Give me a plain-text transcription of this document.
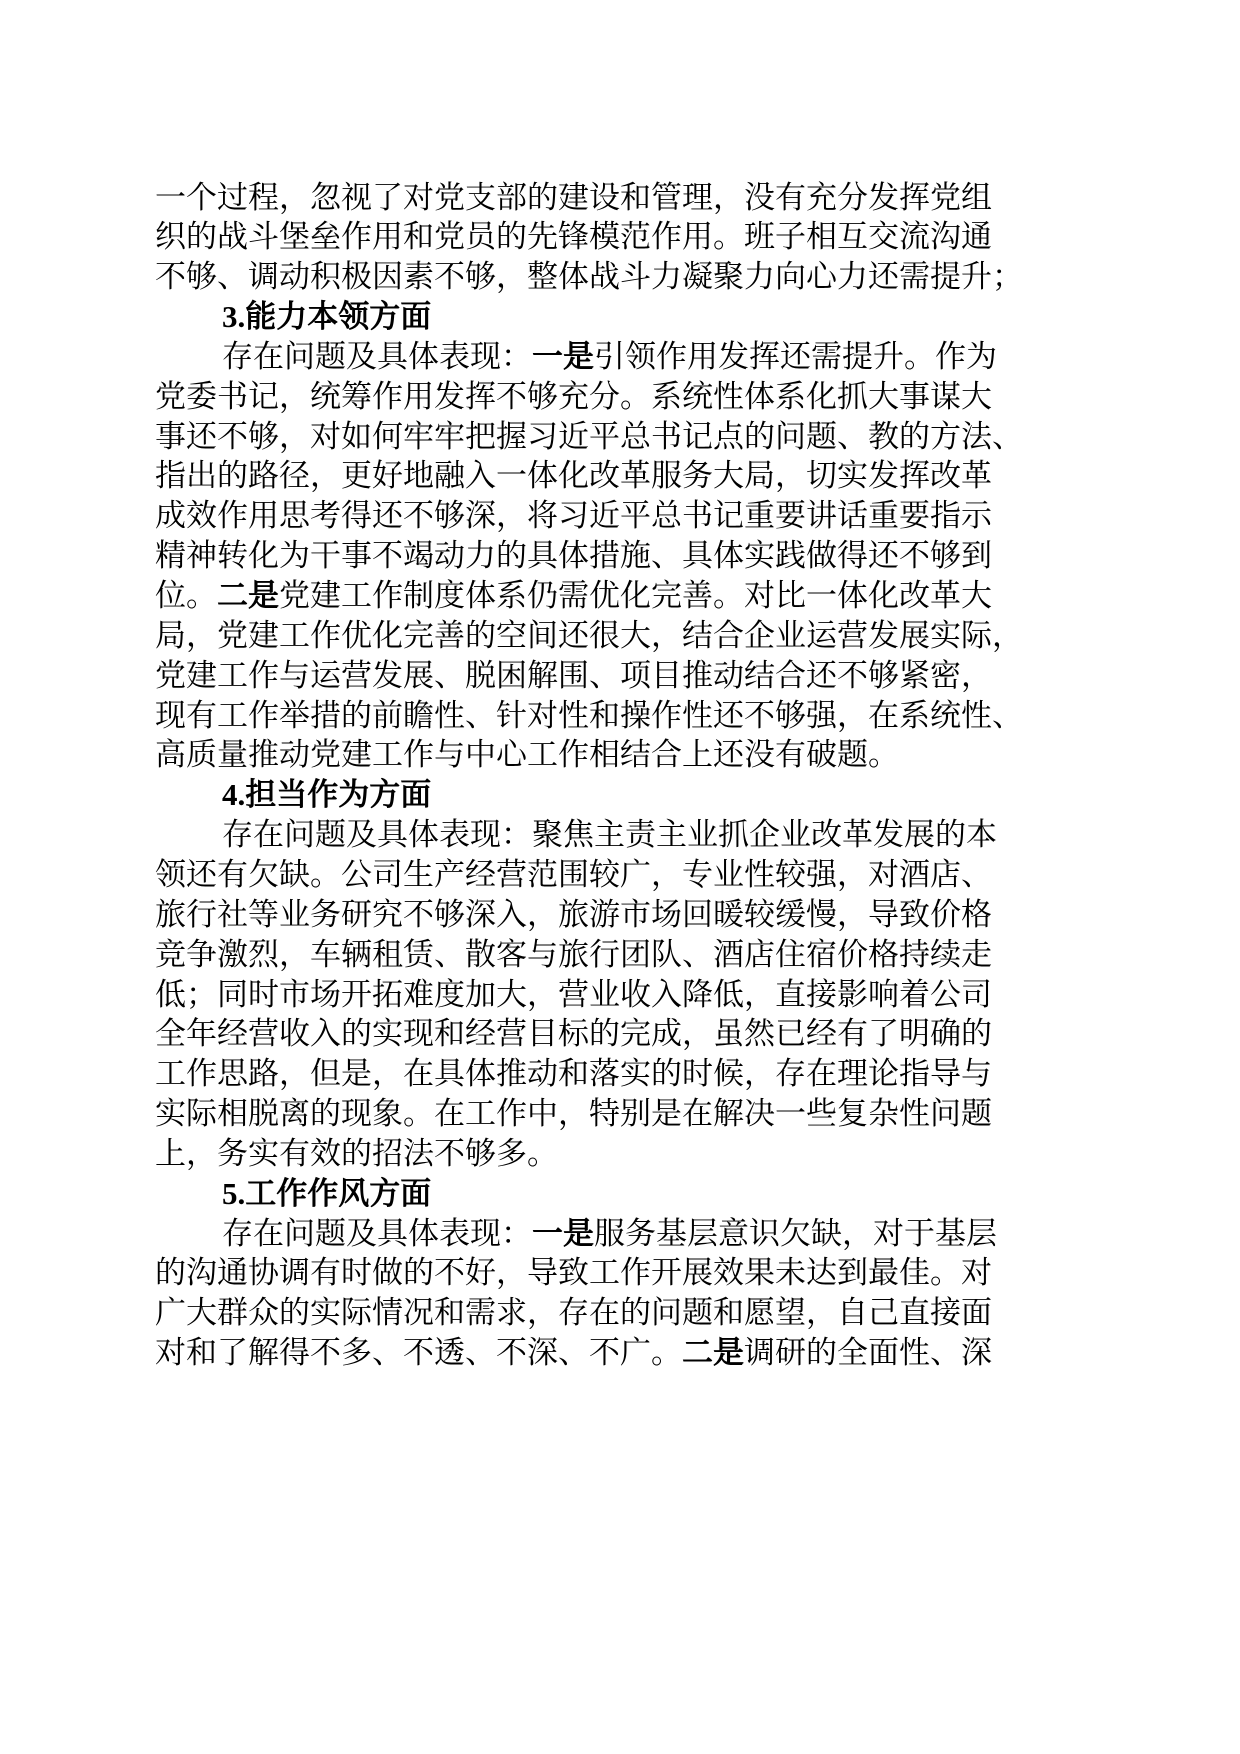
一个过程，忽视了对党支部的建设和管理，没有充分发挥党组
织的战斗堡垒作用和党员的先锋模范作用。班子相互交流沟通
不够、调动积极因素不够，整体战斗力凝聚力向心力还需提升；
3.能力本领方面
存在问题及具体表现：一是引领作用发挥还需提升。作为
党委书记，统筹作用发挥不够充分。系统性体系化抓大事谋大
事还不够，对如何牢牢把握习近平总书记点的问题、教的方法、
指出的路径，更好地融入一体化改革服务大局，切实发挥改革
成效作用思考得还不够深，将习近平总书记重要讲话重要指示
精神转化为干事不竭动力的具体措施、具体实践做得还不够到
位。二是党建工作制度体系仍需优化完善。对比一体化改革大
局，党建工作优化完善的空间还很大，结合企业运营发展实际，
党建工作与运营发展、脱困解围、项目推动结合还不够紧密，
现有工作举措的前瞻性、针对性和操作性还不够强，在系统性、
高质量推动党建工作与中心工作相结合上还没有破题。
4.担当作为方面
存在问题及具体表现：聚焦主责主业抓企业改革发展的本
领还有欠缺。公司生产经营范围较广，专业性较强，对酒店、
旅行社等业务研究不够深入，旅游市场回暖较缓慢，导致价格
竞争激烈，车辆租赁、散客与旅行团队、酒店住宿价格持续走
低；同时市场开拓难度加大，营业收入降低，直接影响着公司
全年经营收入的实现和经营目标的完成，虽然已经有了明确的
工作思路，但是，在具体推动和落实的时候，存在理论指导与
实际相脱离的现象。在工作中，特别是在解决一些复杂性问题
上，务实有效的招法不够多。
5.工作作风方面
存在问题及具体表现：一是服务基层意识欠缺，对于基层
的沟通协调有时做的不好，导致工作开展效果未达到最佳。对
广大群众的实际情况和需求，存在的问题和愿望，自己直接面
对和了解得不多、不透、不深、不广。二是调研的全面性、深
